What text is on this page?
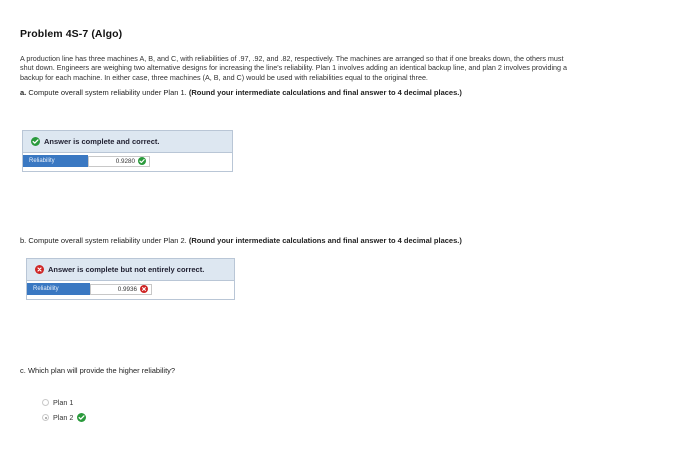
Problem 4S-7 (Algo)

A production line has three machines A, B, and C, with reliabilities of .97, .92, and .82, respectively. The machines are arranged so that if one breaks down, the others must shut down. Engineers are weighing two alternative designs for increasing the line's reliability. Plan 1 involves adding an identical backup line, and plan 2 involves providing a backup for each machine. In either case, three machines (A, B, and C) would be used with reliabilities equal to the original three.

a. Compute overall system reliability under Plan 1. (Round your intermediate calculations and final answer to 4 decimal places.)

Answer is complete and correct.
Reliability	0.9280

b. Compute overall system reliability under Plan 2. (Round your intermediate calculations and final answer to 4 decimal places.)

Answer is complete but not entirely correct.
Reliability	0.9936

c. Which plan will provide the higher reliability?

Plan 1
Plan 2
